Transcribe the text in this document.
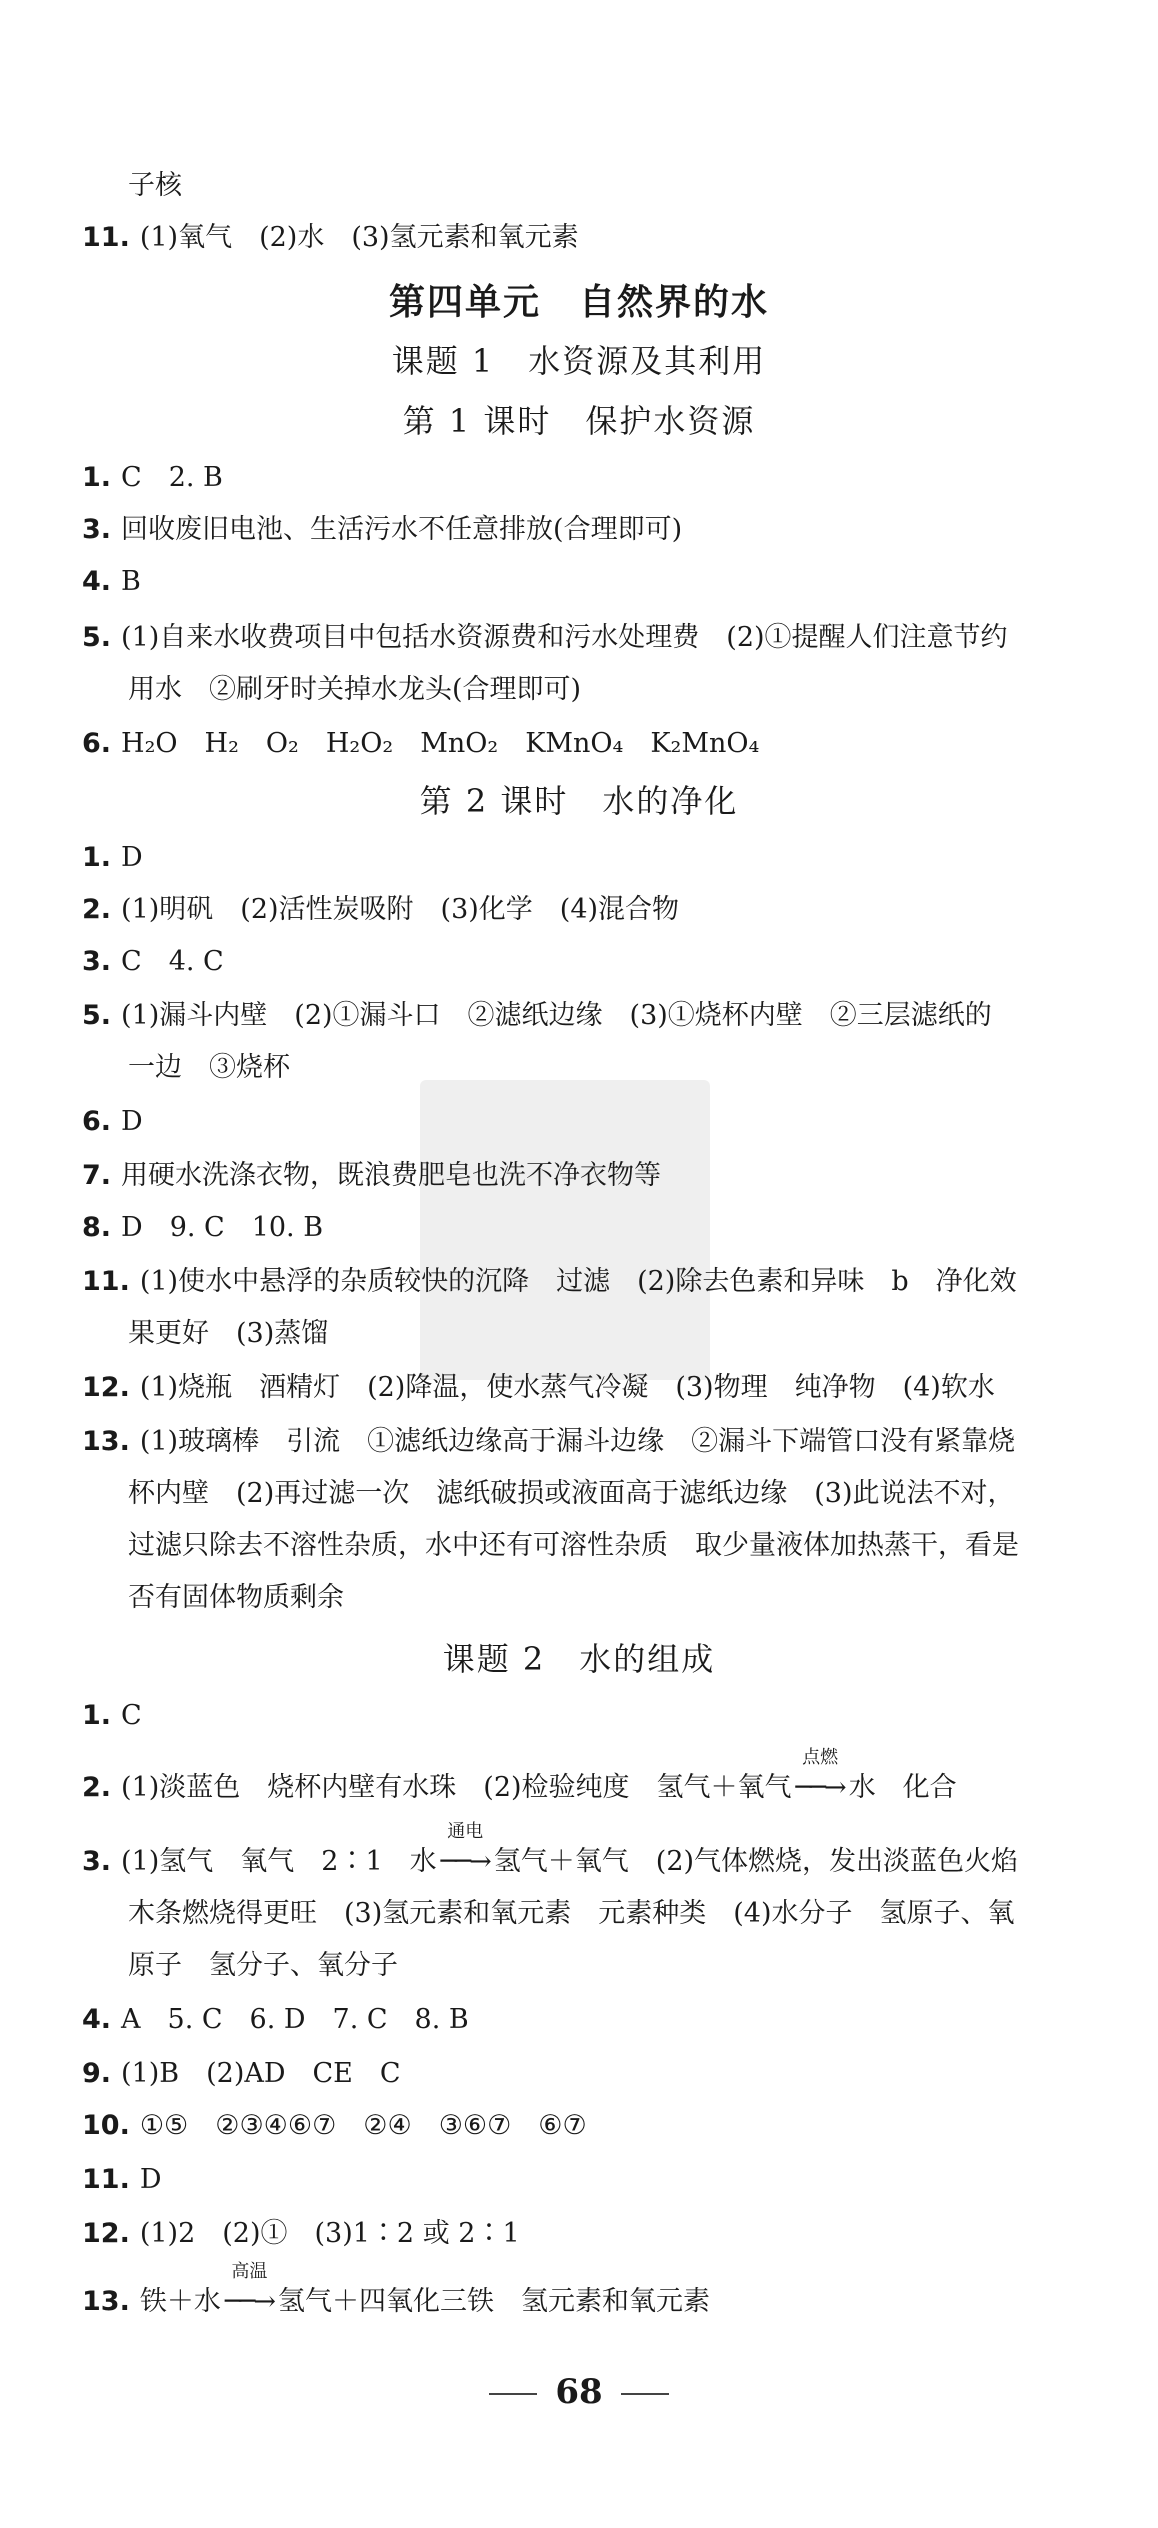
子核
11. (1)氧气　(2)水　(3)氢元素和氧元素
第四单元　自然界的水
课题 1　水资源及其利用
第 1 课时　保护水资源
1. C　2. B
3. 回收废旧电池、生活污水不任意排放(合理即可)
4. B
5. (1)自来水收费项目中包括水资源费和污水处理费　(2)①提醒人们注意节约
用水　②刷牙时关掉水龙头(合理即可)
6. H₂O　H₂　O₂　H₂O₂　MnO₂　KMnO₄　K₂MnO₄
第 2 课时　水的净化
1. D
2. (1)明矾　(2)活性炭吸附　(3)化学　(4)混合物
3. C　4. C
5. (1)漏斗内壁　(2)①漏斗口　②滤纸边缘　(3)①烧杯内壁　②三层滤纸的
一边　③烧杯
6. D
7. 用硬水洗涤衣物，既浪费肥皂也洗不净衣物等
8. D　9. C　10. B
11. (1)使水中悬浮的杂质较快的沉降　过滤　(2)除去色素和异味　b　净化效
果更好　(3)蒸馏
12. (1)烧瓶　酒精灯　(2)降温，使水蒸气冷凝　(3)物理　纯净物　(4)软水
13. (1)玻璃棒　引流　①滤纸边缘高于漏斗边缘　②漏斗下端管口没有紧靠烧
杯内壁　(2)再过滤一次　滤纸破损或液面高于滤纸边缘　(3)此说法不对，
过滤只除去不溶性杂质，水中还有可溶性杂质　取少量液体加热蒸干，看是
否有固体物质剩余
课题 2　水的组成
1. C
2. (1)淡蓝色　烧杯内壁有水珠　(2)检验纯度　氢气＋氧气
点燃
──→ 水　化合
3. (1)氢气　氧气　2∶1　水
通电
──→ 氢气＋氧气　(2)气体燃烧，发出淡蓝色火焰
木条燃烧得更旺　(3)氢元素和氧元素　元素种类　(4)水分子　氢原子、氧
原子　氢分子、氧分子
4. A　5. C　6. D　7. C　8. B
9. (1)B　(2)AD　CE　C
10. ①⑤　②③④⑥⑦　②④　③⑥⑦　⑥⑦
11. D
12. (1)2　(2)①　(3)1∶2 或 2∶1
13. 铁＋水
高温
──→ 氢气＋四氧化三铁　氢元素和氧元素
68
